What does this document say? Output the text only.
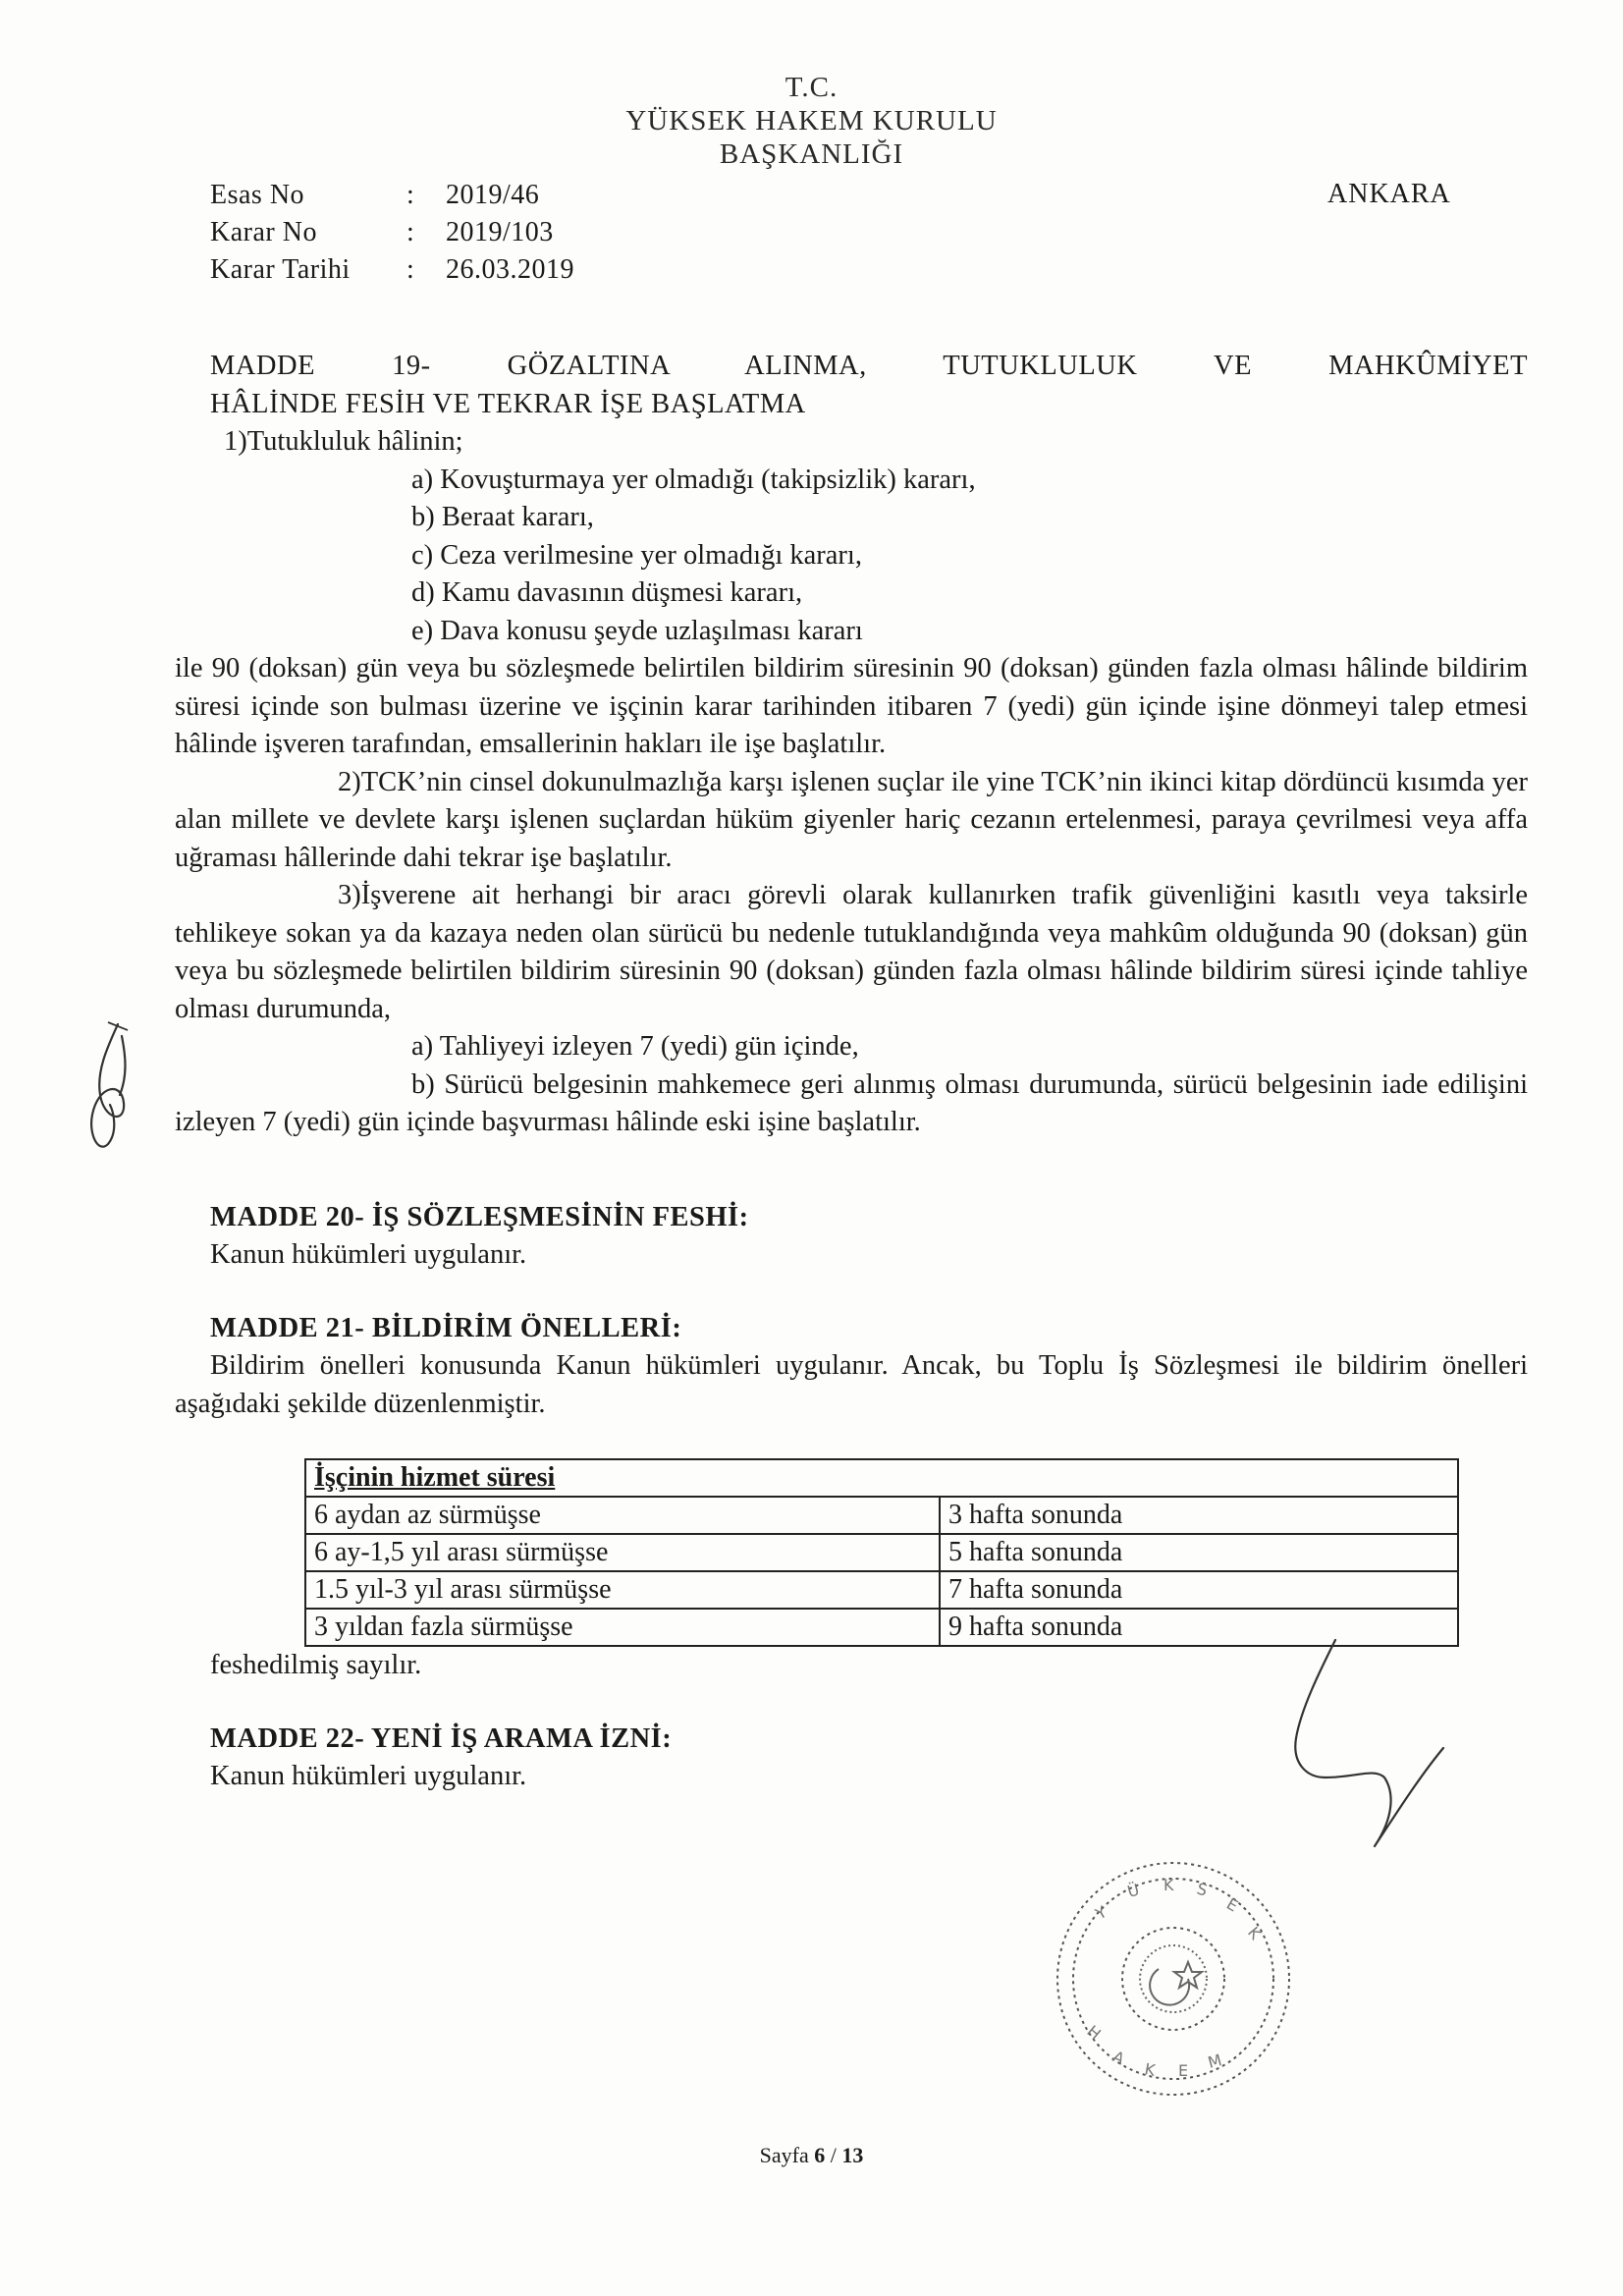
T.C.
YÜKSEK HAKEM KURULU
BAŞKANLIĞI
Esas No	:	2019/46
Karar No	:	2019/103
Karar Tarihi	:	26.03.2019
ANKARA

MADDE 19- GÖZALTINA ALINMA, TUTUKLULUK VE MAHKÛMİYET

HÂLİNDE FESİH VE TEKRAR İŞE BAŞLATMA

1)Tutukluluk hâlinin;

a) Kovuşturmaya yer olmadığı (takipsizlik) kararı,

b) Beraat kararı,

c) Ceza verilmesine yer olmadığı kararı,

d) Kamu davasının düşmesi kararı,

e) Dava konusu şeyde uzlaşılması kararı

ile 90 (doksan) gün veya bu sözleşmede belirtilen bildirim süresinin 90 (doksan) günden fazla olması hâlinde bildirim süresi içinde son bulması üzerine ve işçinin karar tarihinden itibaren 7 (yedi) gün içinde işine dönmeyi talep etmesi hâlinde işveren tarafından, emsallerinin hakları ile işe başlatılır.

2)TCK’nin cinsel dokunulmazlığa karşı işlenen suçlar ile yine TCK’nin ikinci kitap dördüncü kısımda yer alan millete ve devlete karşı işlenen suçlardan hüküm giyenler hariç cezanın ertelenmesi, paraya çevrilmesi veya affa uğraması hâllerinde dahi tekrar işe başlatılır.

3)İşverene ait herhangi bir aracı görevli olarak kullanırken trafik güvenliğini kasıtlı veya taksirle tehlikeye sokan ya da kazaya neden olan sürücü bu nedenle tutuklandığında veya mahkûm olduğunda 90 (doksan) gün veya bu sözleşmede belirtilen bildirim süresinin 90 (doksan) günden fazla olması hâlinde bildirim süresi içinde tahliye olması durumunda,

a) Tahliyeyi izleyen 7 (yedi) gün içinde,

b) Sürücü belgesinin mahkemece geri alınmış olması durumunda, sürücü belgesinin iade edilişini izleyen 7 (yedi) gün içinde başvurması hâlinde eski işine başlatılır.

MADDE 20- İŞ SÖZLEŞMESİNİN FESHİ:

Kanun hükümleri uygulanır.

MADDE 21- BİLDİRİM ÖNELLERİ:

Bildirim önelleri konusunda Kanun hükümleri uygulanır. Ancak, bu Toplu İş Sözleşmesi ile bildirim önelleri aşağıdaki şekilde düzenlenmiştir.

İşçinin hizmet süresi	
6 aydan az sürmüşse	3 hafta sonunda
6 ay-1,5 yıl arası sürmüşse	5 hafta sonunda
1.5 yıl-3 yıl arası sürmüşse	7 hafta sonunda
3 yıldan fazla sürmüşse	9 hafta sonunda

feshedilmiş sayılır.

MADDE 22- YENİ İŞ ARAMA İZNİ:

Kanun hükümleri uygulanır.

Y
Ü K S
E
K
H
A
K E M
Sayfa 6 / 13
